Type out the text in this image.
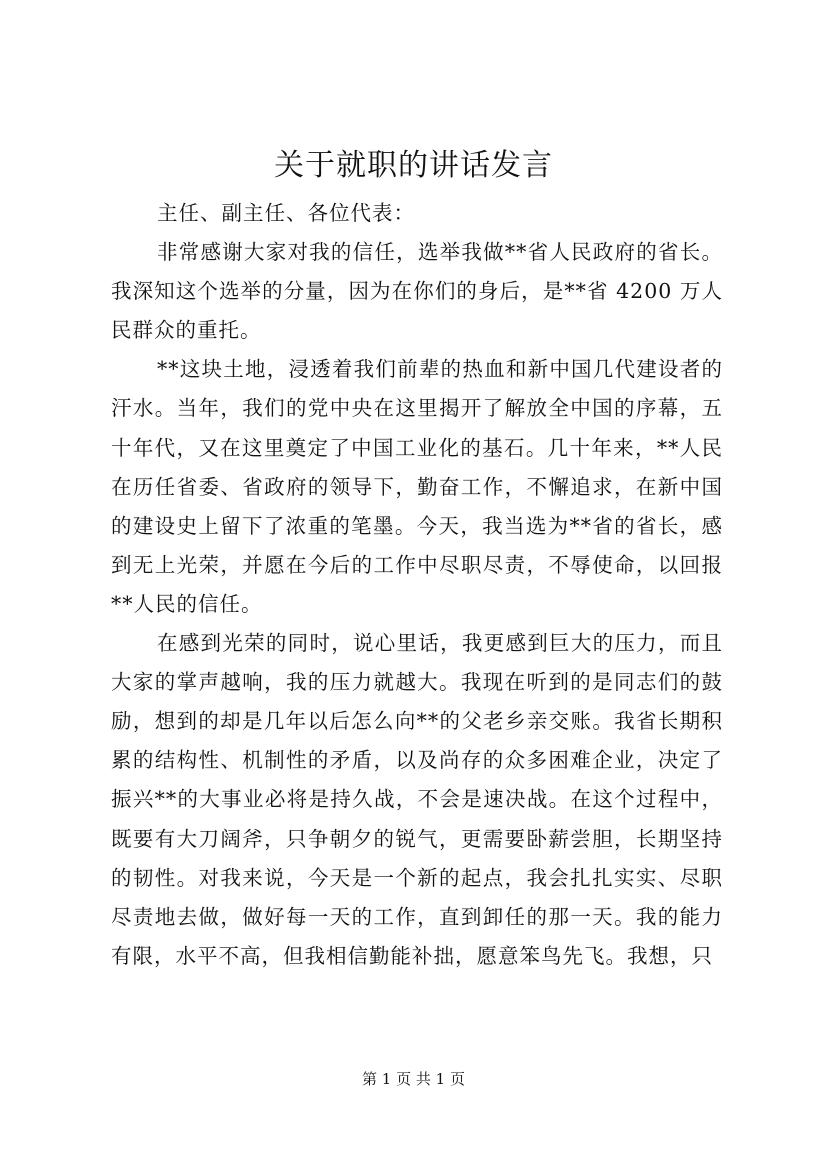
关于就职的讲话发言

主任、副主任、各位代表：

非常感谢大家对我的信任，选举我做**省人民政府的省长。我深知这个选举的分量，因为在你们的身后，是**省 4200 万人民群众的重托。

**这块土地，浸透着我们前辈的热血和新中国几代建设者的汗水。当年，我们的党中央在这里揭开了解放全中国的序幕，五十年代，又在这里奠定了中国工业化的基石。几十年来，**人民在历任省委、省政府的领导下，勤奋工作，不懈追求，在新中国的建设史上留下了浓重的笔墨。今天，我当选为**省的省长，感到无上光荣，并愿在今后的工作中尽职尽责，不辱使命，以回报**人民的信任。

在感到光荣的同时，说心里话，我更感到巨大的压力，而且大家的掌声越响，我的压力就越大。我现在听到的是同志们的鼓励，想到的却是几年以后怎么向**的父老乡亲交账。我省长期积累的结构性、机制性的矛盾，以及尚存的众多困难企业，决定了振兴**的大事业必将是持久战，不会是速决战。在这个过程中，既要有大刀阔斧，只争朝夕的锐气，更需要卧薪尝胆，长期坚持的韧性。对我来说，今天是一个新的起点，我会扎扎实实、尽职尽责地去做，做好每一天的工作，直到卸任的那一天。我的能力有限，水平不高，但我相信勤能补拙，愿意笨鸟先飞。我想，只

第 1 页 共 1 页
